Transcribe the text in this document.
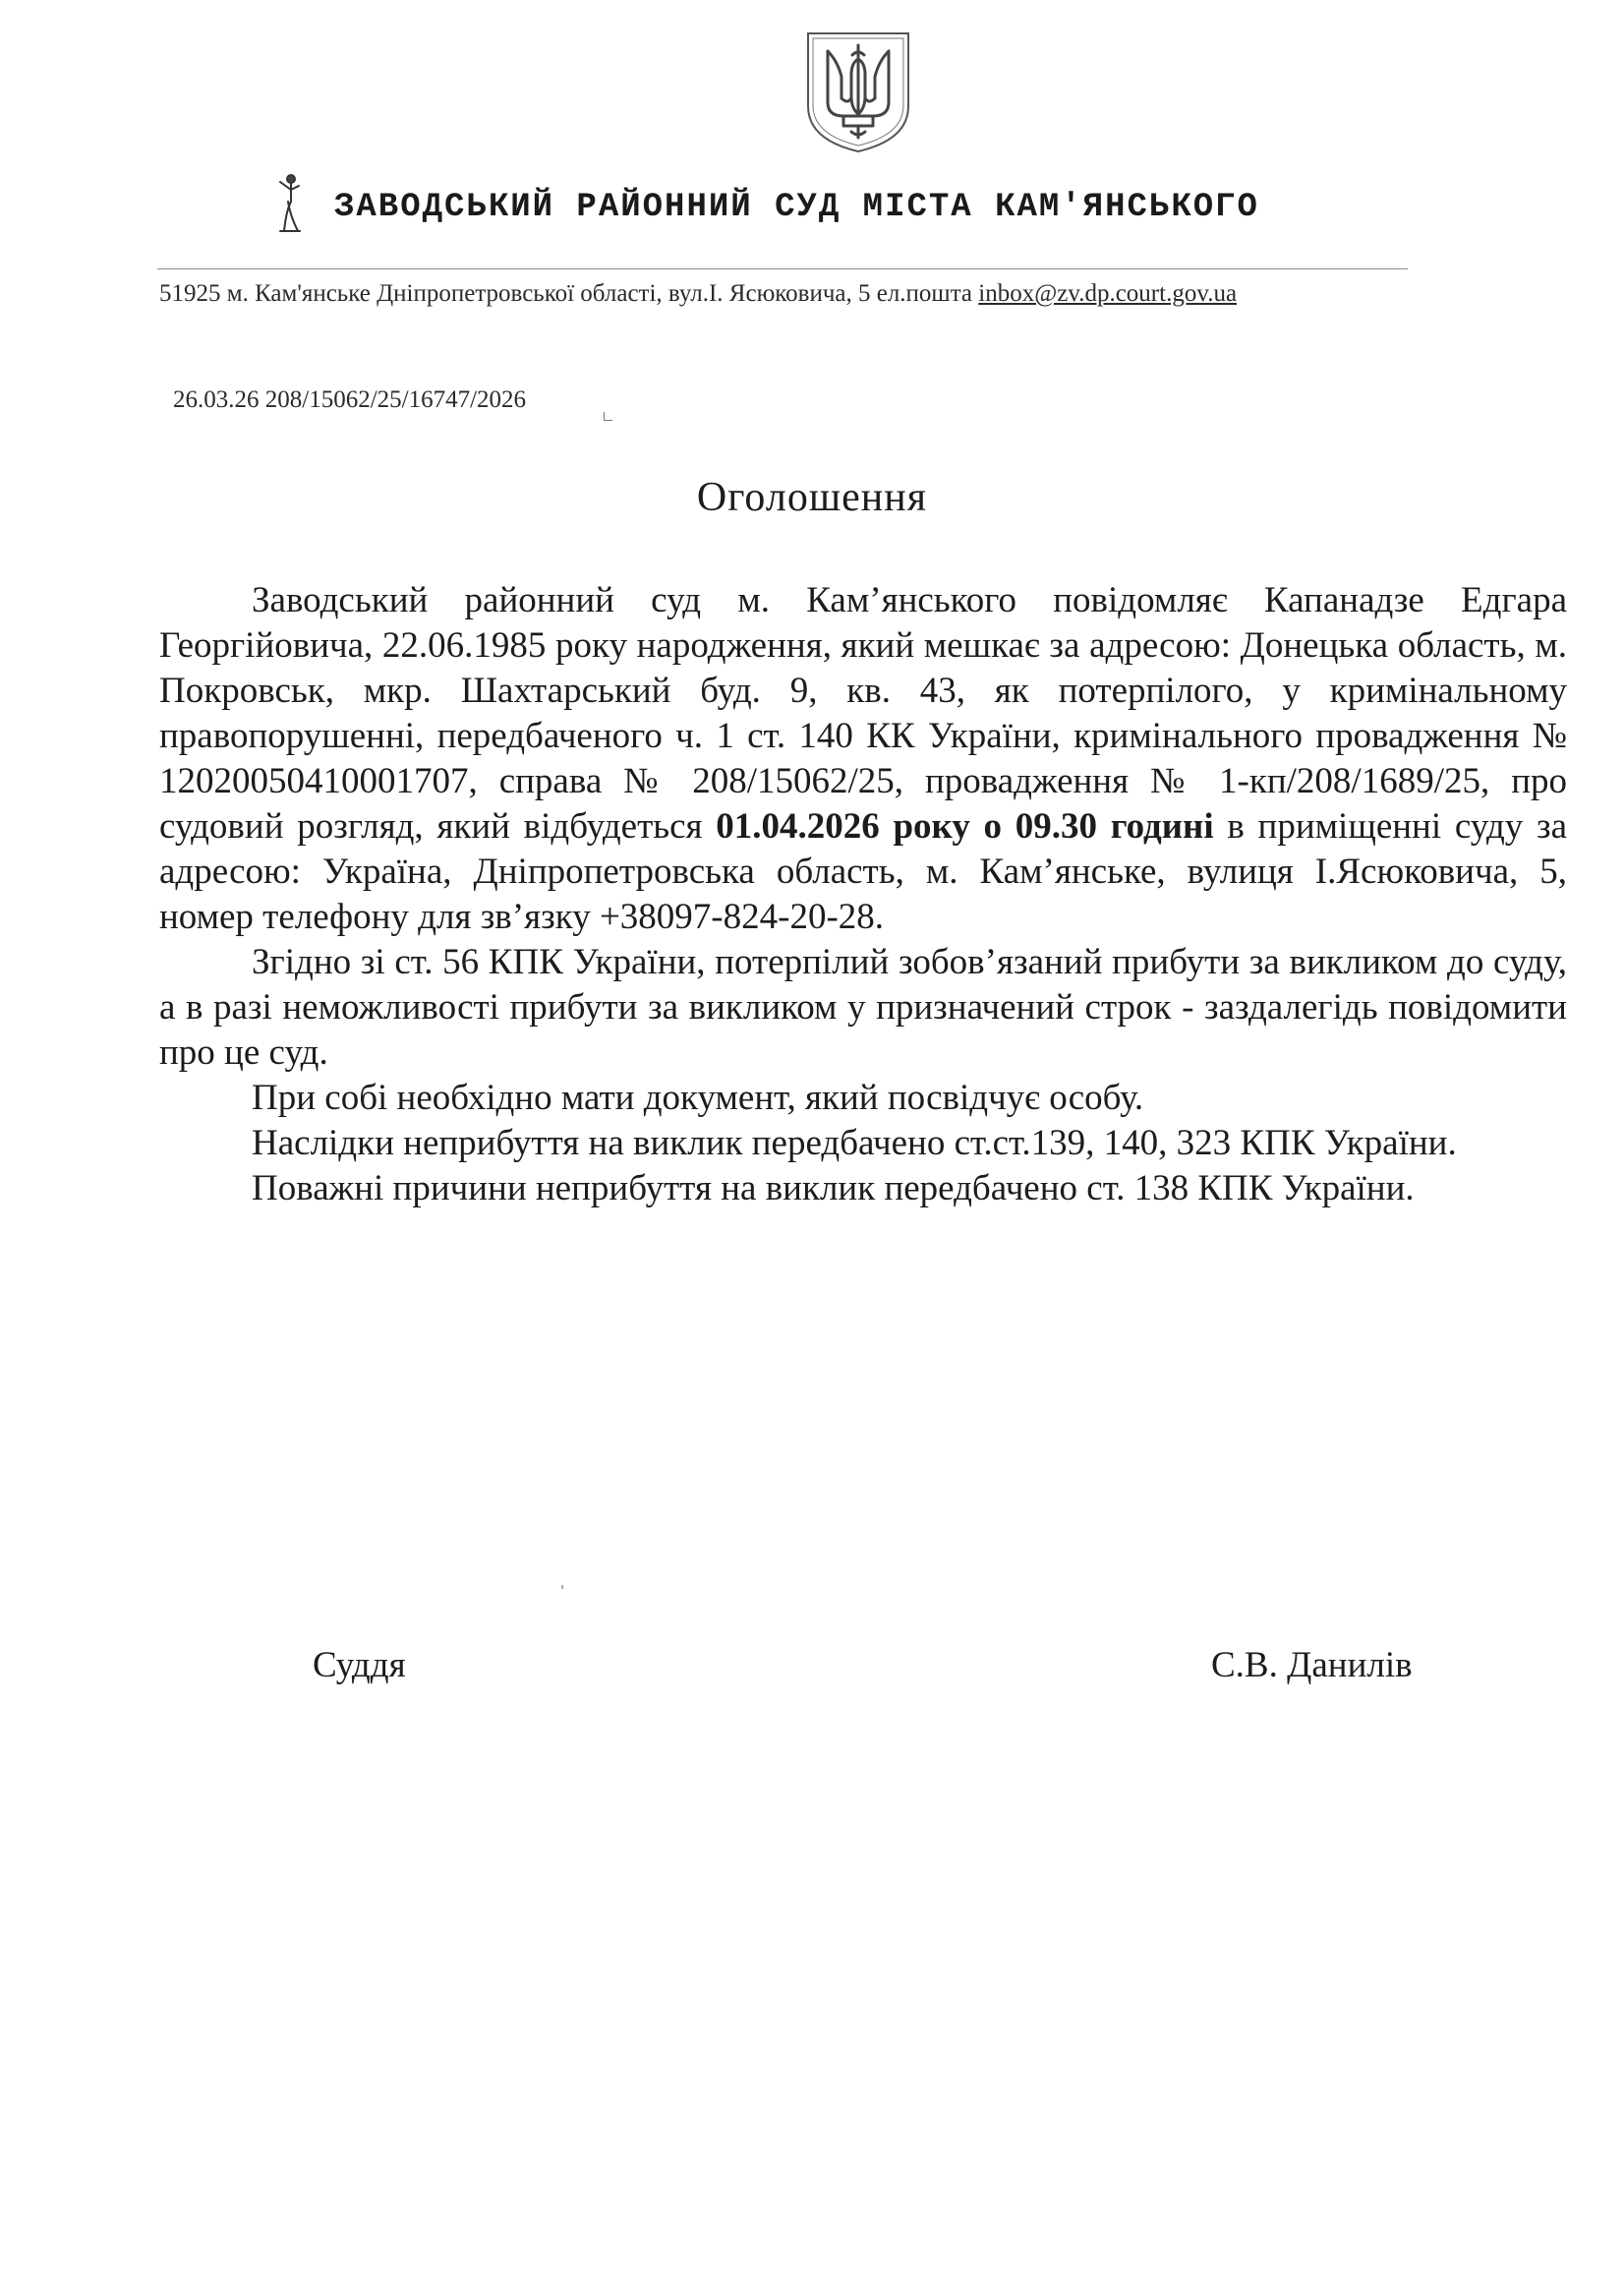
ЗАВОДСЬКИЙ РАЙОННИЙ СУД МІСТА КАМ'ЯНСЬКОГО
51925 м. Кам'янське Дніпропетровської області, вул.І. Ясюковича, 5 ел.пошта inbox@zv.dp.court.gov.ua
26.03.26 208/15062/25/16747/2026
Оголошення

Заводський районний суд м. Кам’янського повідомляє Капанадзе Едгара Георгійовича, 22.06.1985 року народження, який мешкає за адресою: Донецька область, м. Покровськ, мкр. Шахтарський буд. 9, кв. 43, як потерпілого, у кримінальному правопорушенні, передбаченого ч. 1 ст. 140 КК України, кримінального провадження № 12020050410001707, справа № 208/15062/25, провадження № 1-кп/208/1689/25, про судовий розгляд, який відбудеться 01.04.2026 року о 09.30 годині в приміщенні суду за адресою: Україна, Дніпропетровська область, м. Кам’янське, вулиця І.Ясюковича, 5, номер телефону для зв’язку +38097-824-20-28.

Згідно зі ст. 56 КПК України, потерпілий зобов’язаний прибути за викликом до суду, а в разі неможливості прибути за викликом у призначений строк - заздалегідь повідомити про це суд.

При собі необхідно мати документ, який посвідчує особу.

Наслідки неприбуття на виклик передбачено ст.ст.139, 140, 323 КПК України.

Поважні причини неприбуття на виклик передбачено ст. 138 КПК України.

Суддя	С.В. Данилів
